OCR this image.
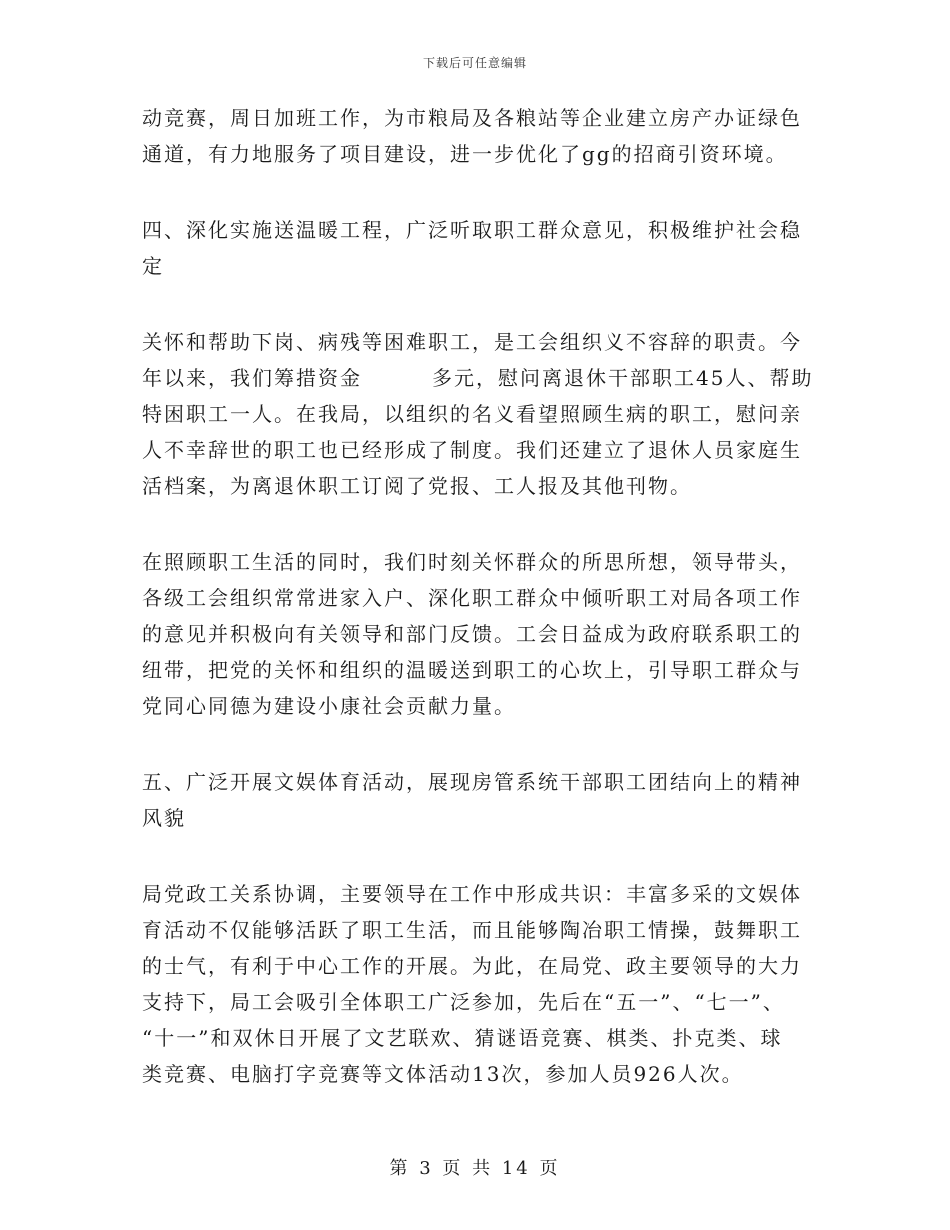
下载后可任意编辑

动竞赛，周日加班工作，为市粮局及各粮站等企业建立房产办证绿色
通道，有力地服务了项目建设，进一步优化了gg的招商引资环境。

四、深化实施送温暖工程，广泛听取职工群众意见，积极维护社会稳
定

关怀和帮助下岗、病残等困难职工，是工会组织义不容辞的职责。今
年以来，我们筹措资金	多元，慰问离退休干部职工45人、帮助
特困职工一人。在我局，以组织的名义看望照顾生病的职工，慰问亲
人不幸辞世的职工也已经形成了制度。我们还建立了退休人员家庭生
活档案，为离退休职工订阅了党报、工人报及其他刊物。

在照顾职工生活的同时，我们时刻关怀群众的所思所想，领导带头，
各级工会组织常常进家入户、深化职工群众中倾听职工对局各项工作
的意见并积极向有关领导和部门反馈。工会日益成为政府联系职工的
纽带，把党的关怀和组织的温暖送到职工的心坎上，引导职工群众与
党同心同德为建设小康社会贡献力量。

五、广泛开展文娱体育活动，展现房管系统干部职工团结向上的精神
风貌

局党政工关系协调，主要领导在工作中形成共识：丰富多采的文娱体
育活动不仅能够活跃了职工生活，而且能够陶冶职工情操，鼓舞职工
的士气，有利于中心工作的开展。为此，在局党、政主要领导的大力
支持下，局工会吸引全体职工广泛参加，先后在“五一”、“七一”、
“十一”和双休日开展了文艺联欢、猜谜语竞赛、棋类、扑克类、球
类竞赛、电脑打字竞赛等文体活动13次，参加人员926人次。

第 3 页 共 14 页
